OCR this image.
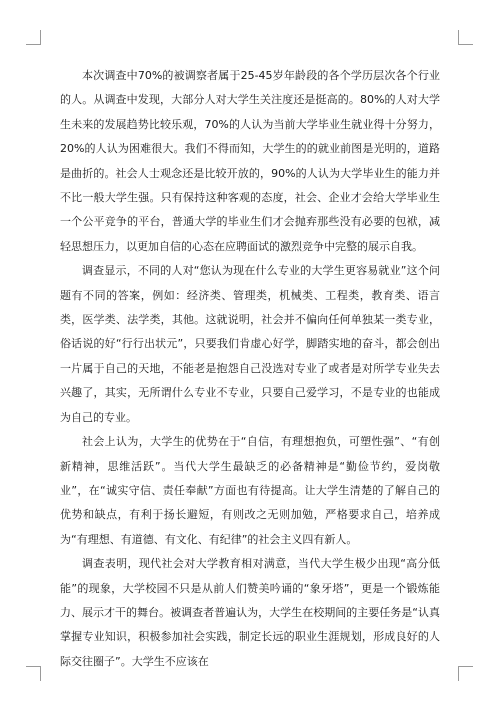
本次调查中70%的被调察者属于25-45岁年龄段的各个学历层次各个行业的人。从调查中发现，大部分人对大学生关注度还是挺高的。80%的人对大学生未来的发展趋势比较乐观，70%的人认为当前大学毕业生就业得十分努力，20%的人认为困难很大。我们不得而知，大学生的的就业前图是光明的，道路是曲折的。社会人士观念还是比较开放的，90%的人认为大学毕业生的能力并不比一般大学生强。只有保持这种客观的态度，社会、企业才会给大学毕业生一个公平竞争的平台，普通大学的毕业生们才会抛弃那些没有必要的包袱，减轻思想压力，以更加自信的心态在应聘面试的激烈竞争中完整的展示自我。

调查显示，不同的人对“您认为现在什么专业的大学生更容易就业”这个问题有不同的答案，例如：经济类、管理类，机械类、工程类，教育类、语言类，医学类、法学类，其他。这就说明，社会并不偏向任何单独某一类专业，俗话说的好“行行出状元”，只要我们肯虚心好学，脚踏实地的奋斗，都会创出一片属于自己的天地，不能老是抱怨自己没选对专业了或者是对所学专业失去兴趣了，其实，无所谓什么专业不专业，只要自己爱学习，不是专业的也能成为自己的专业。

社会上认为，大学生的优势在于“自信，有理想抱负，可塑性强”、“有创新精神，思维活跃”。当代大学生最缺乏的必备精神是“勤俭节约，爱岗敬业”，在“诚实守信、责任奉献”方面也有待提高。让大学生清楚的了解自己的优势和缺点，有利于扬长避短，有则改之无则加勉，严格要求自己，培养成为“有理想、有道德、有文化、有纪律”的社会主义四有新人。

调查表明，现代社会对大学教育相对满意，当代大学生极少出现“高分低能”的现象，大学校园不只是从前人们赞美吟诵的“象牙塔”，更是一个锻炼能力、展示才干的舞台。被调查者普遍认为，大学生在校期间的主要任务是“认真掌握专业知识，积极参加社会实践，制定长远的职业生涯规划，形成良好的人际交往圈子”。大学生不应该在
